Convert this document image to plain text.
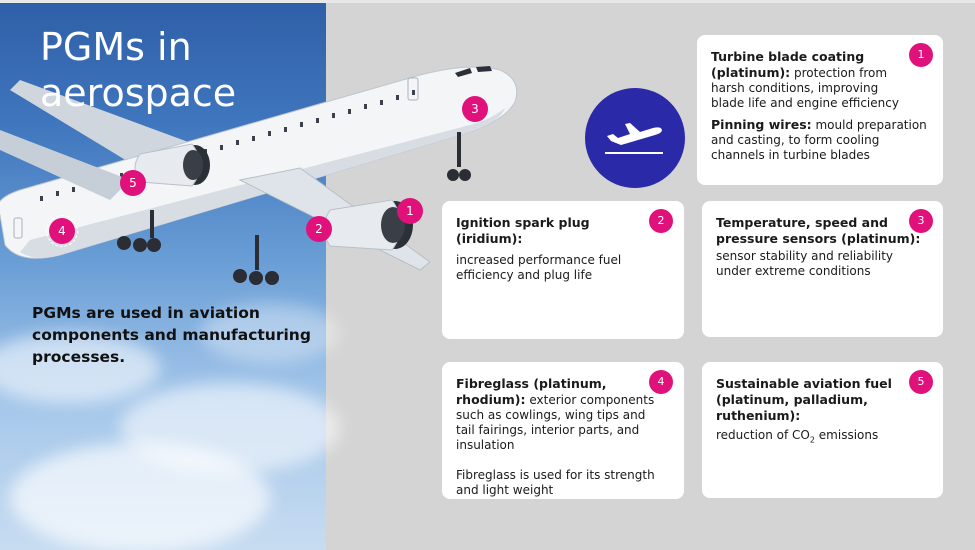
PGMs in
aerospace
PGMs are used in aviation components and manufacturing processes.
1
2
3
4
5
1

Turbine blade coating (platinum): protection from harsh conditions, improving blade life and engine efficiency

Pinning wires: mould preparation and casting, to form cooling channels in turbine blades

2

Ignition spark plug (iridium):

increased performance fuel efficiency and plug life

3

Temperature, speed and pressure sensors (platinum):

sensor stability and reliability under extreme conditions

4

Fibreglass (platinum, rhodium): exterior components such as cowlings, wing tips and tail fairings, interior parts, and insulation

Fibreglass is used for its strength and light weight

5

Sustainable aviation fuel (platinum, palladium, ruthenium):

reduction of $CO_2$ emissions
